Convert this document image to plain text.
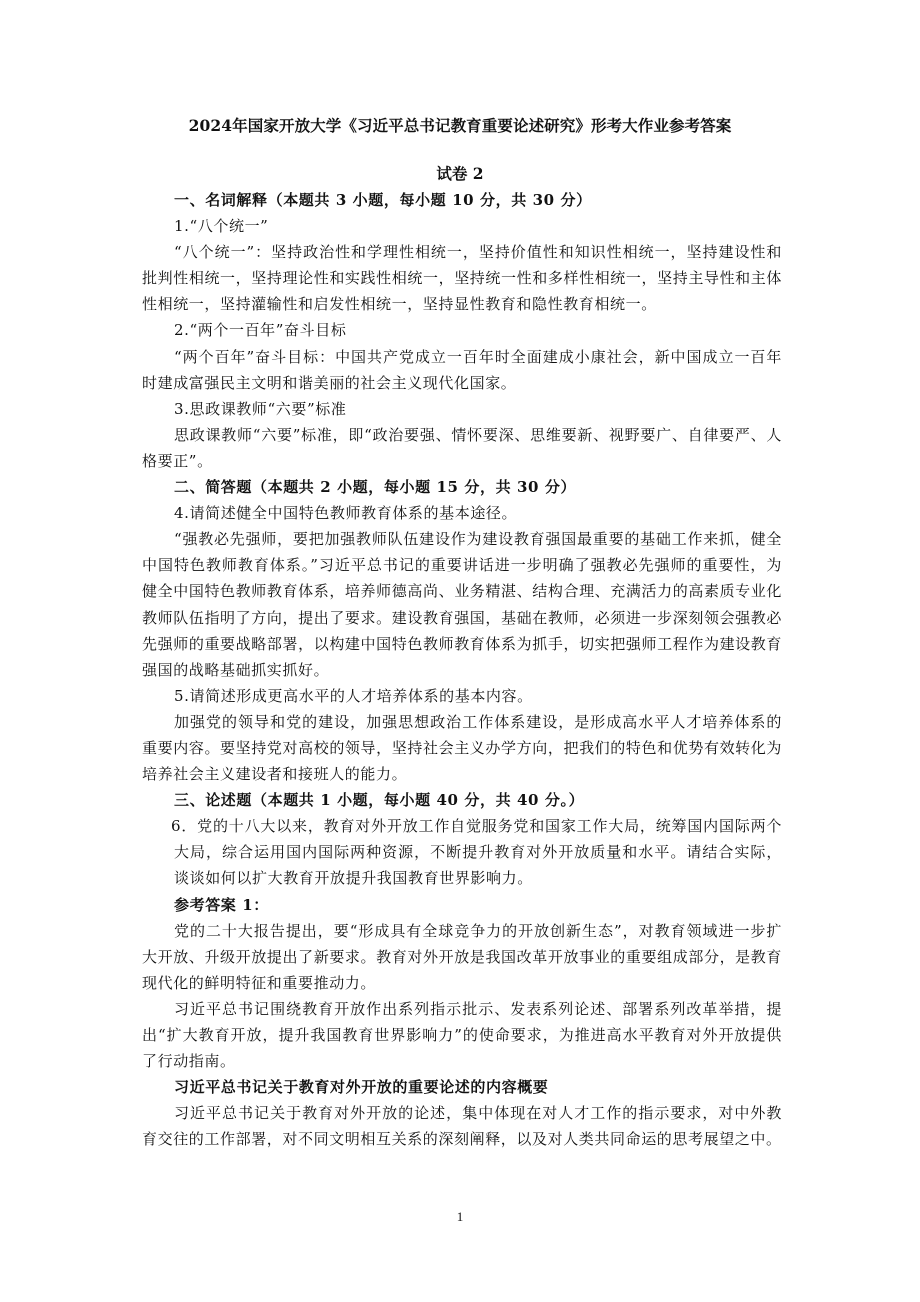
2024年国家开放大学《习近平总书记教育重要论述研究》形考大作业参考答案
试卷 2

一、名词解释（本题共 3 小题，每小题 10 分，共 30 分）

1.“八个统一”

“八个统一”：坚持政治性和学理性相统一，坚持价值性和知识性相统一，坚持建设性和批判性相统一，坚持理论性和实践性相统一，坚持统一性和多样性相统一，坚持主导性和主体性相统一，坚持灌输性和启发性相统一，坚持显性教育和隐性教育相统一。

2.“两个一百年”奋斗目标

“两个百年”奋斗目标：中国共产党成立一百年时全面建成小康社会，新中国成立一百年时建成富强民主文明和谐美丽的社会主义现代化国家。

3.思政课教师“六要”标准

思政课教师“六要”标准，即“政治要强、情怀要深、思维要新、视野要广、自律要严、人格要正”。

二、简答题（本题共 2 小题，每小题 15 分，共 30 分）

4.请简述健全中国特色教师教育体系的基本途径。

“强教必先强师，要把加强教师队伍建设作为建设教育强国最重要的基础工作来抓，健全中国特色教师教育体系。”习近平总书记的重要讲话进一步明确了强教必先强师的重要性，为健全中国特色教师教育体系，培养师德高尚、业务精湛、结构合理、充满活力的高素质专业化教师队伍指明了方向，提出了要求。建设教育强国，基础在教师，必须进一步深刻领会强教必先强师的重要战略部署，以构建中国特色教师教育体系为抓手，切实把强师工程作为建设教育强国的战略基础抓实抓好。

5.请简述形成更高水平的人才培养体系的基本内容。

加强党的领导和党的建设，加强思想政治工作体系建设，是形成高水平人才培养体系的重要内容。要坚持党对高校的领导，坚持社会主义办学方向，把我们的特色和优势有效转化为培养社会主义建设者和接班人的能力。

三、论述题（本题共 1 小题，每小题 40 分，共 40 分。）

6．党的十八大以来，教育对外开放工作自觉服务党和国家工作大局，统筹国内国际两个大局，综合运用国内国际两种资源，不断提升教育对外开放质量和水平。请结合实际，谈谈如何以扩大教育开放提升我国教育世界影响力。

参考答案 1：

党的二十大报告提出，要“形成具有全球竞争力的开放创新生态”，对教育领域进一步扩大开放、升级开放提出了新要求。教育对外开放是我国改革开放事业的重要组成部分，是教育现代化的鲜明特征和重要推动力。

习近平总书记围绕教育开放作出系列指示批示、发表系列论述、部署系列改革举措，提出“扩大教育开放，提升我国教育世界影响力”的使命要求，为推进高水平教育对外开放提供了行动指南。

习近平总书记关于教育对外开放的重要论述的内容概要

习近平总书记关于教育对外开放的论述，集中体现在对人才工作的指示要求，对中外教育交往的工作部署，对不同文明相互关系的深刻阐释，以及对人类共同命运的思考展望之中。

1
